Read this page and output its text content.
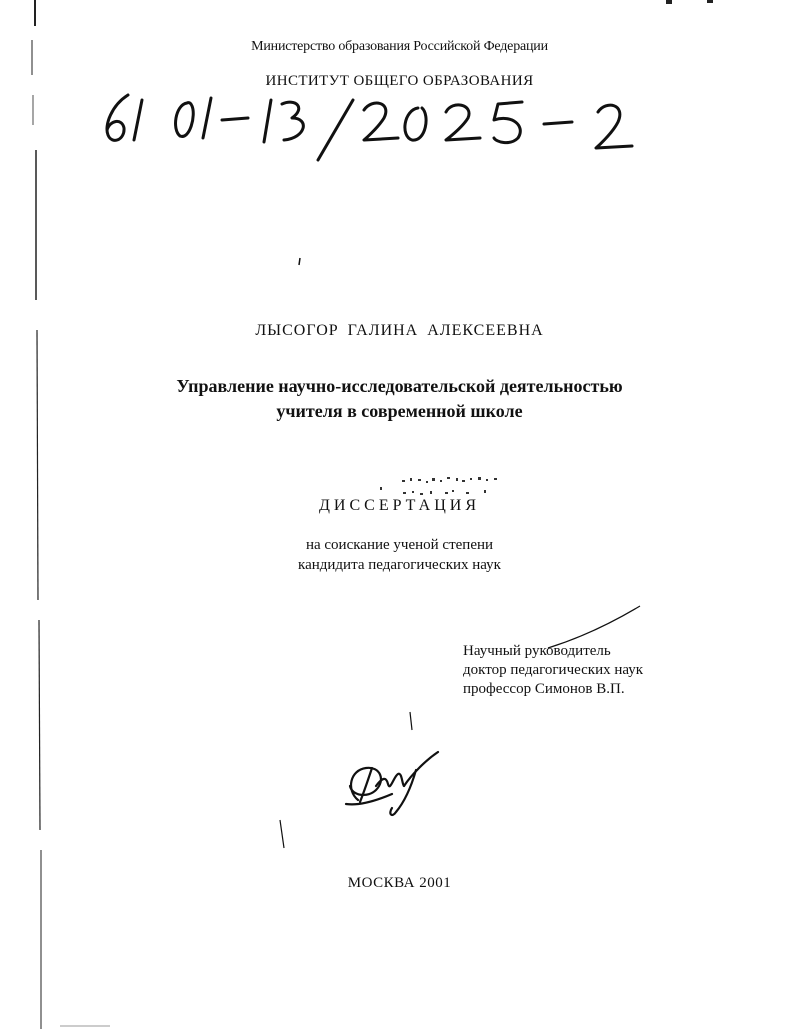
Министерство образования Российской Федерации
ИНСТИТУТ ОБЩЕГО ОБРАЗОВАНИЯ
ЛЫСОГОР ГАЛИНА АЛЕКСЕЕВНА
Управление научно-исследовательской деятельностью
учителя в современной школе
ДИССЕРТАЦИЯ
на соискание ученой степени
кандидита педагогических наук
Научный руководитель
доктор педагогических наук
профессор Симонов В.П.
МОСКВА 2001
